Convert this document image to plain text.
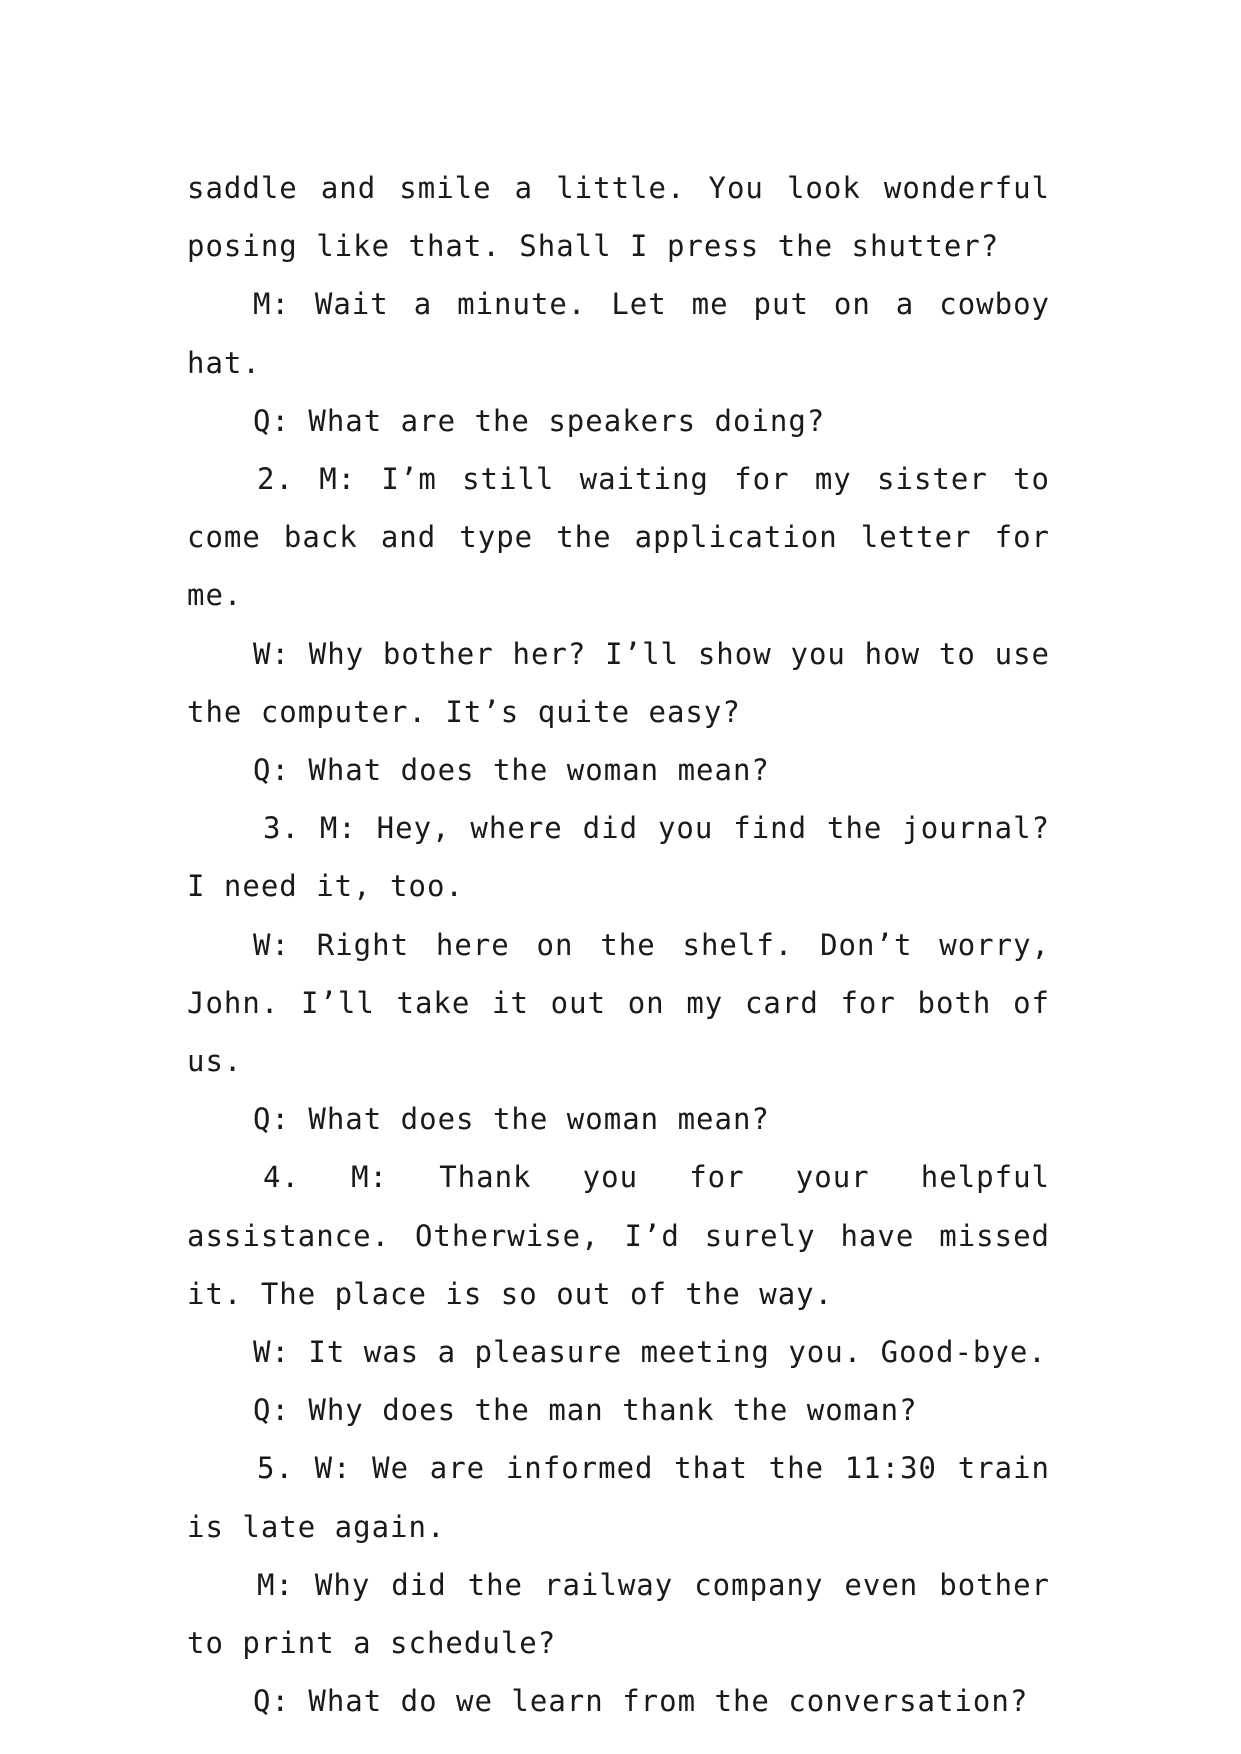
saddle and smile a little. You look wonderful posing like that. Shall I press the shutter?

M: Wait a minute. Let me put on a cowboy hat.

Q: What are the speakers doing?

2. M: I’m still waiting for my sister to come back and type the application letter for me.

W: Why bother her? I’ll show you how to use the computer. It’s quite easy?

Q: What does the woman mean?

3. M: Hey, where did you find the journal? I need it, too.

W: Right here on the shelf. Don’t worry, John. I’ll take it out on my card for both of us.

Q: What does the woman mean?

4. M: Thank you for your helpful assistance. Otherwise, I’d surely have missed it. The place is so out of the way.

W: It was a pleasure meeting you. Good-bye.

Q: Why does the man thank the woman?

5. W: We are informed that the 11:30 train is late again.

M: Why did the railway company even bother to print a schedule?

Q: What do we learn from the conversation?
